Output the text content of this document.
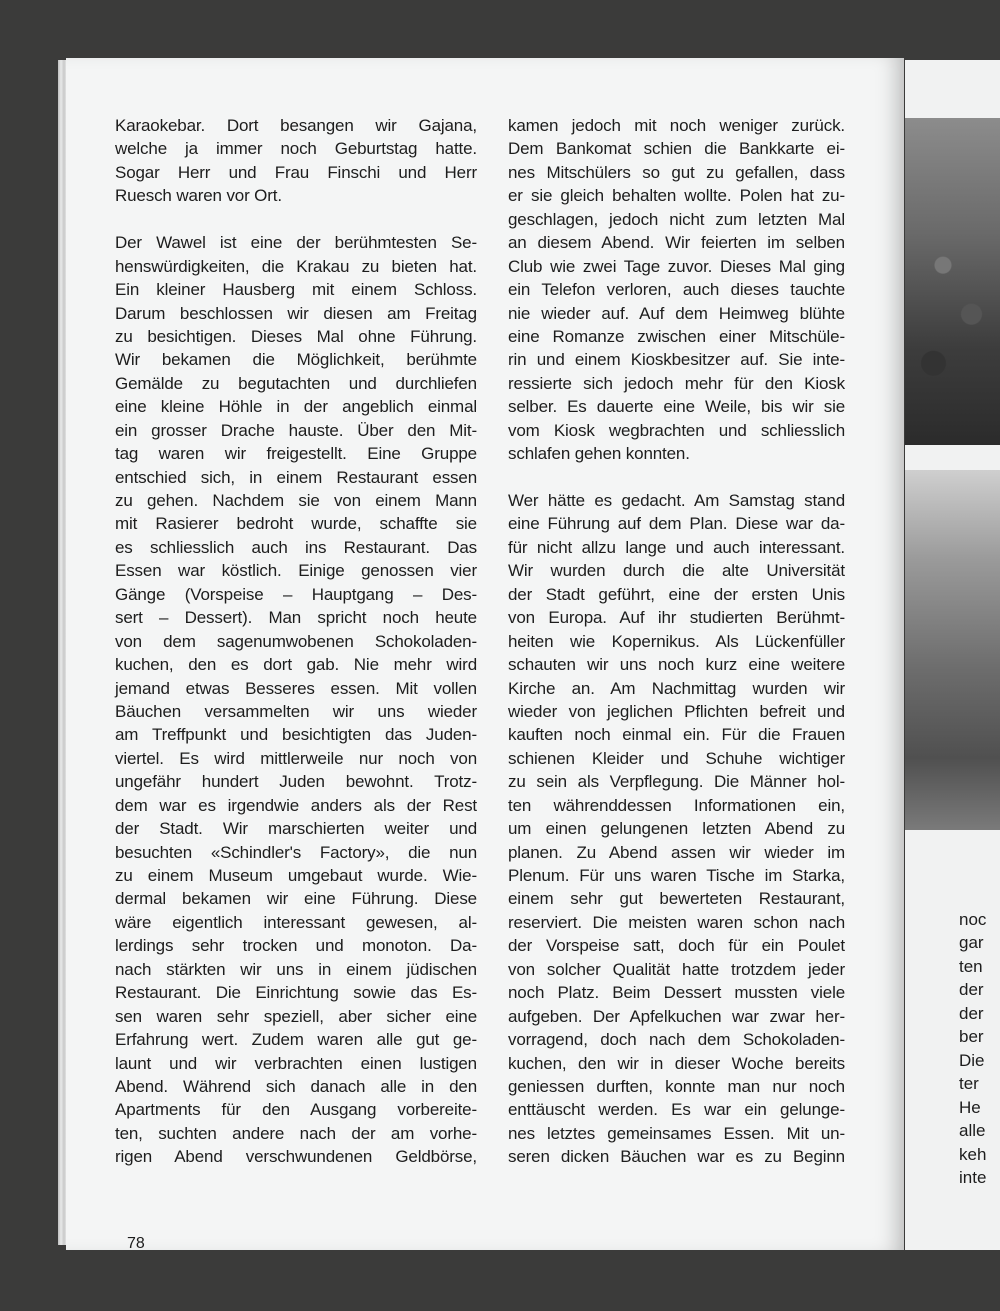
Karaokebar. Dort besangen wir Gajana,
welche ja immer noch Geburtstag hatte.
Sogar Herr und Frau Finschi und Herr
Ruesch waren vor Ort.
Der Wawel ist eine der berühmtesten Se-
henswürdigkeiten, die Krakau zu bieten hat.
Ein kleiner Hausberg mit einem Schloss.
Darum beschlossen wir diesen am Freitag
zu besichtigen. Dieses Mal ohne Führung.
Wir bekamen die Möglichkeit, berühmte
Gemälde zu begutachten und durchliefen
eine kleine Höhle in der angeblich einmal
ein grosser Drache hauste. Über den Mit-
tag waren wir freigestellt. Eine Gruppe
entschied sich, in einem Restaurant essen
zu gehen. Nachdem sie von einem Mann
mit Rasierer bedroht wurde, schaffte sie
es schliesslich auch ins Restaurant. Das
Essen war köstlich. Einige genossen vier
Gänge (Vorspeise – Hauptgang – Des-
sert – Dessert). Man spricht noch heute
von dem sagenumwobenen Schokoladen-
kuchen, den es dort gab. Nie mehr wird
jemand etwas Besseres essen. Mit vollen
Bäuchen versammelten wir uns wieder
am Treffpunkt und besichtigten das Juden-
viertel. Es wird mittlerweile nur noch von
ungefähr hundert Juden bewohnt. Trotz-
dem war es irgendwie anders als der Rest
der Stadt. Wir marschierten weiter und
besuchten «Schindler's Factory», die nun
zu einem Museum umgebaut wurde. Wie-
dermal bekamen wir eine Führung. Diese
wäre eigentlich interessant gewesen, al-
lerdings sehr trocken und monoton. Da-
nach stärkten wir uns in einem jüdischen
Restaurant. Die Einrichtung sowie das Es-
sen waren sehr speziell, aber sicher eine
Erfahrung wert. Zudem waren alle gut ge-
launt und wir verbrachten einen lustigen
Abend. Während sich danach alle in den
Apartments für den Ausgang vorbereite-
ten, suchten andere nach der am vorhe-
rigen Abend verschwundenen Geldbörse,
kamen jedoch mit noch weniger zurück.
Dem Bankomat schien die Bankkarte ei-
nes Mitschülers so gut zu gefallen, dass
er sie gleich behalten wollte. Polen hat zu-
geschlagen, jedoch nicht zum letzten Mal
an diesem Abend. Wir feierten im selben
Club wie zwei Tage zuvor. Dieses Mal ging
ein Telefon verloren, auch dieses tauchte
nie wieder auf. Auf dem Heimweg blühte
eine Romanze zwischen einer Mitschüle-
rin und einem Kioskbesitzer auf. Sie inte-
ressierte sich jedoch mehr für den Kiosk
selber. Es dauerte eine Weile, bis wir sie
vom Kiosk wegbrachten und schliesslich
schlafen gehen konnten.
Wer hätte es gedacht. Am Samstag stand
eine Führung auf dem Plan. Diese war da-
für nicht allzu lange und auch interessant.
Wir wurden durch die alte Universität
der Stadt geführt, eine der ersten Unis
von Europa. Auf ihr studierten Berühmt-
heiten wie Kopernikus. Als Lückenfüller
schauten wir uns noch kurz eine weitere
Kirche an. Am Nachmittag wurden wir
wieder von jeglichen Pflichten befreit und
kauften noch einmal ein. Für die Frauen
schienen Kleider und Schuhe wichtiger
zu sein als Verpflegung. Die Männer hol-
ten währenddessen Informationen ein,
um einen gelungenen letzten Abend zu
planen. Zu Abend assen wir wieder im
Plenum. Für uns waren Tische im Starka,
einem sehr gut bewerteten Restaurant,
reserviert. Die meisten waren schon nach
der Vorspeise satt, doch für ein Poulet
von solcher Qualität hatte trotzdem jeder
noch Platz. Beim Dessert mussten viele
aufgeben. Der Apfelkuchen war zwar her-
vorragend, doch nach dem Schokoladen-
kuchen, den wir in dieser Woche bereits
geniessen durften, konnte man nur noch
enttäuscht werden. Es war ein gelunge-
nes letztes gemeinsames Essen. Mit un-
seren dicken Bäuchen war es zu Beginn
noc
gar
ten
der
der
ber
Die
ter
He
alle
keh
inte
78
